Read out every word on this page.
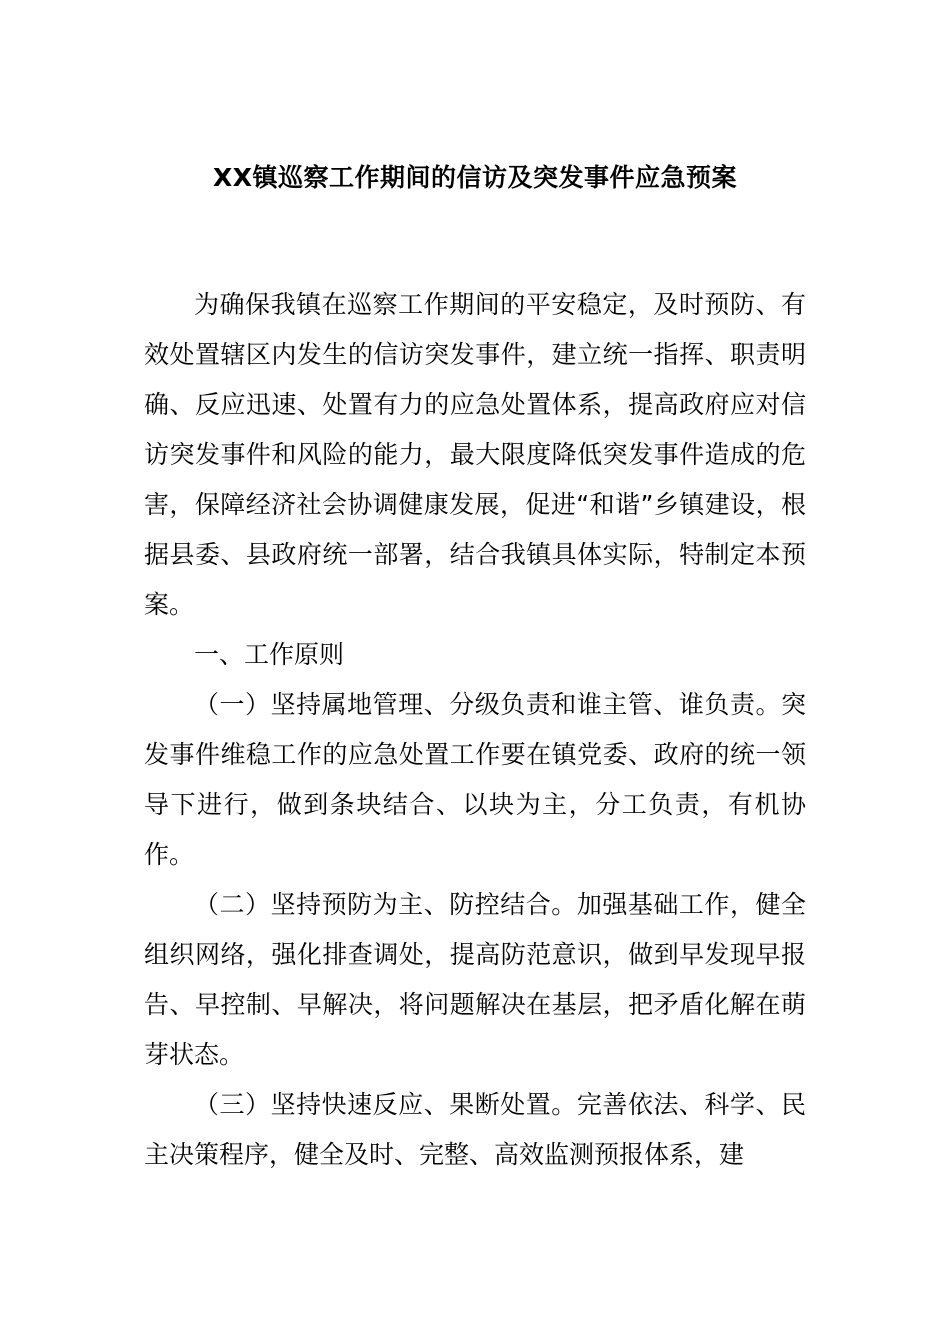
XX镇巡察工作期间的信访及突发事件应急预案

为确保我镇在巡察工作期间的平安稳定，及时预防、有效处置辖区内发生的信访突发事件，建立统一指挥、职责明确、反应迅速、处置有力的应急处置体系，提高政府应对信访突发事件和风险的能力，最大限度降低突发事件造成的危害，保障经济社会协调健康发展，促进“和谐”乡镇建设，根据县委、县政府统一部署，结合我镇具体实际，特制定本预案。

一、工作原则

（一）坚持属地管理、分级负责和谁主管、谁负责。突发事件维稳工作的应急处置工作要在镇党委、政府的统一领导下进行，做到条块结合、以块为主，分工负责，有机协作。

（二）坚持预防为主、防控结合。加强基础工作，健全组织网络，强化排查调处，提高防范意识，做到早发现早报告、早控制、早解决，将问题解决在基层，把矛盾化解在萌芽状态。

（三）坚持快速反应、果断处置。完善依法、科学、民主决策程序，健全及时、完整、高效监测预报体系，建
